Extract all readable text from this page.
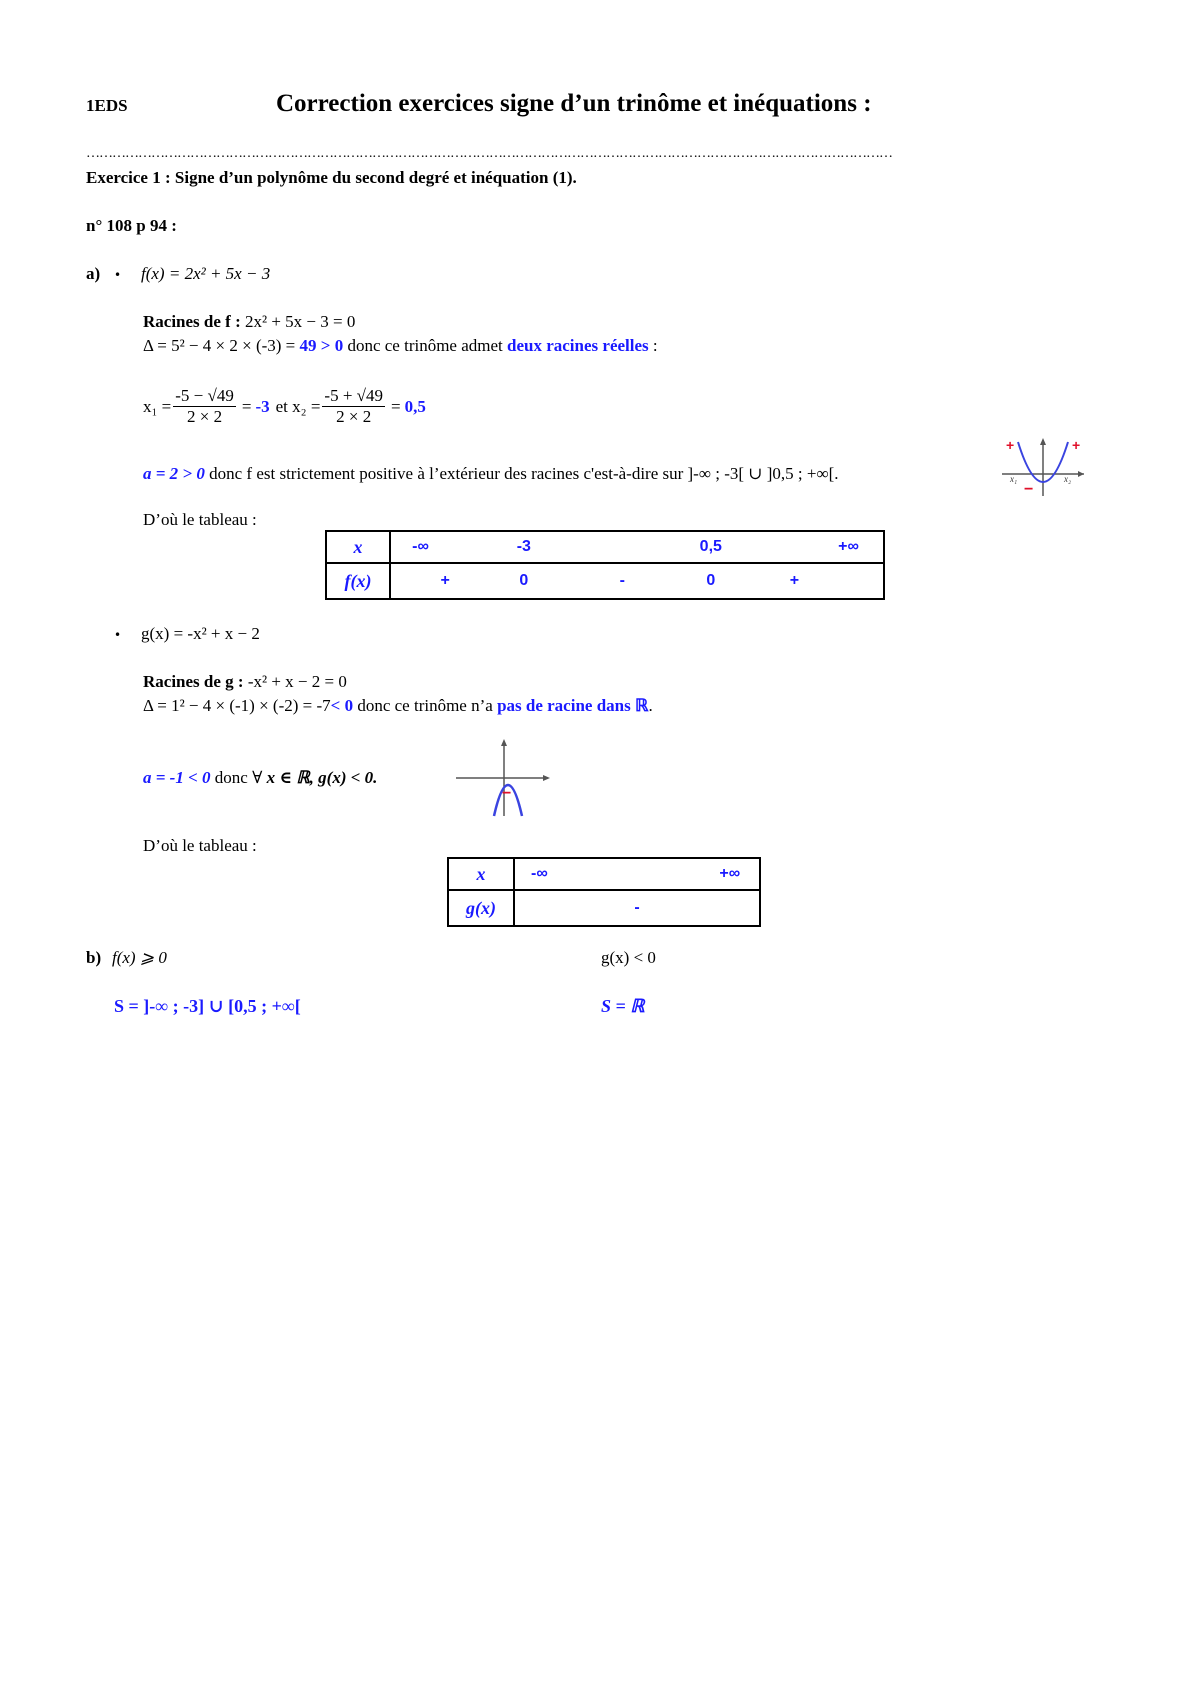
1EDS	Correction exercices signe d’un trinôme et inéquations :
……………………………………………………………………………………………………………………………………………………………………
Exercice 1 : Signe d’un polynôme du second degré et inéquation (1).
n° 108 p 94 :
a) • f(x) = 2x² + 5x − 3
Racines de f : 2x² + 5x − 3 = 0
Δ = 5² − 4 × 2 × (-3) = 49 > 0 donc ce trinôme admet deux racines réelles :
$x_1 = \frac{-5 - √49}{2 \times 2} = -3$ et $x_2 = \frac{-5 + √49}{2 \times 2} = 0,5$
a = 2 > 0 donc f est strictement positive à l’extérieur des racines c'est-à-dire sur ]-∞ ; -3[ ∪ ]0,5 ; +∞[.
+	+
−
x₁	x₂
D’où le tableau :
x	-∞ -3 0,5 +∞

f(x)	+ 0 - 0 +
• g(x) = -x² + x − 2
Racines de g : -x² + x − 2 = 0
Δ = 1² − 4 × (-1) × (-2) = -7< 0 donc ce trinôme n’a pas de racine dans ℝ.
a = -1 < 0 donc ∀ x ∈ ℝ, g(x) < 0.
−
D’où le tableau :
x	-∞ +∞

g(x)	-
b) f(x) ⩾ 0
S = ]-∞ ; -3] ∪ [0,5 ; +∞[
g(x) < 0
S = ℝ
